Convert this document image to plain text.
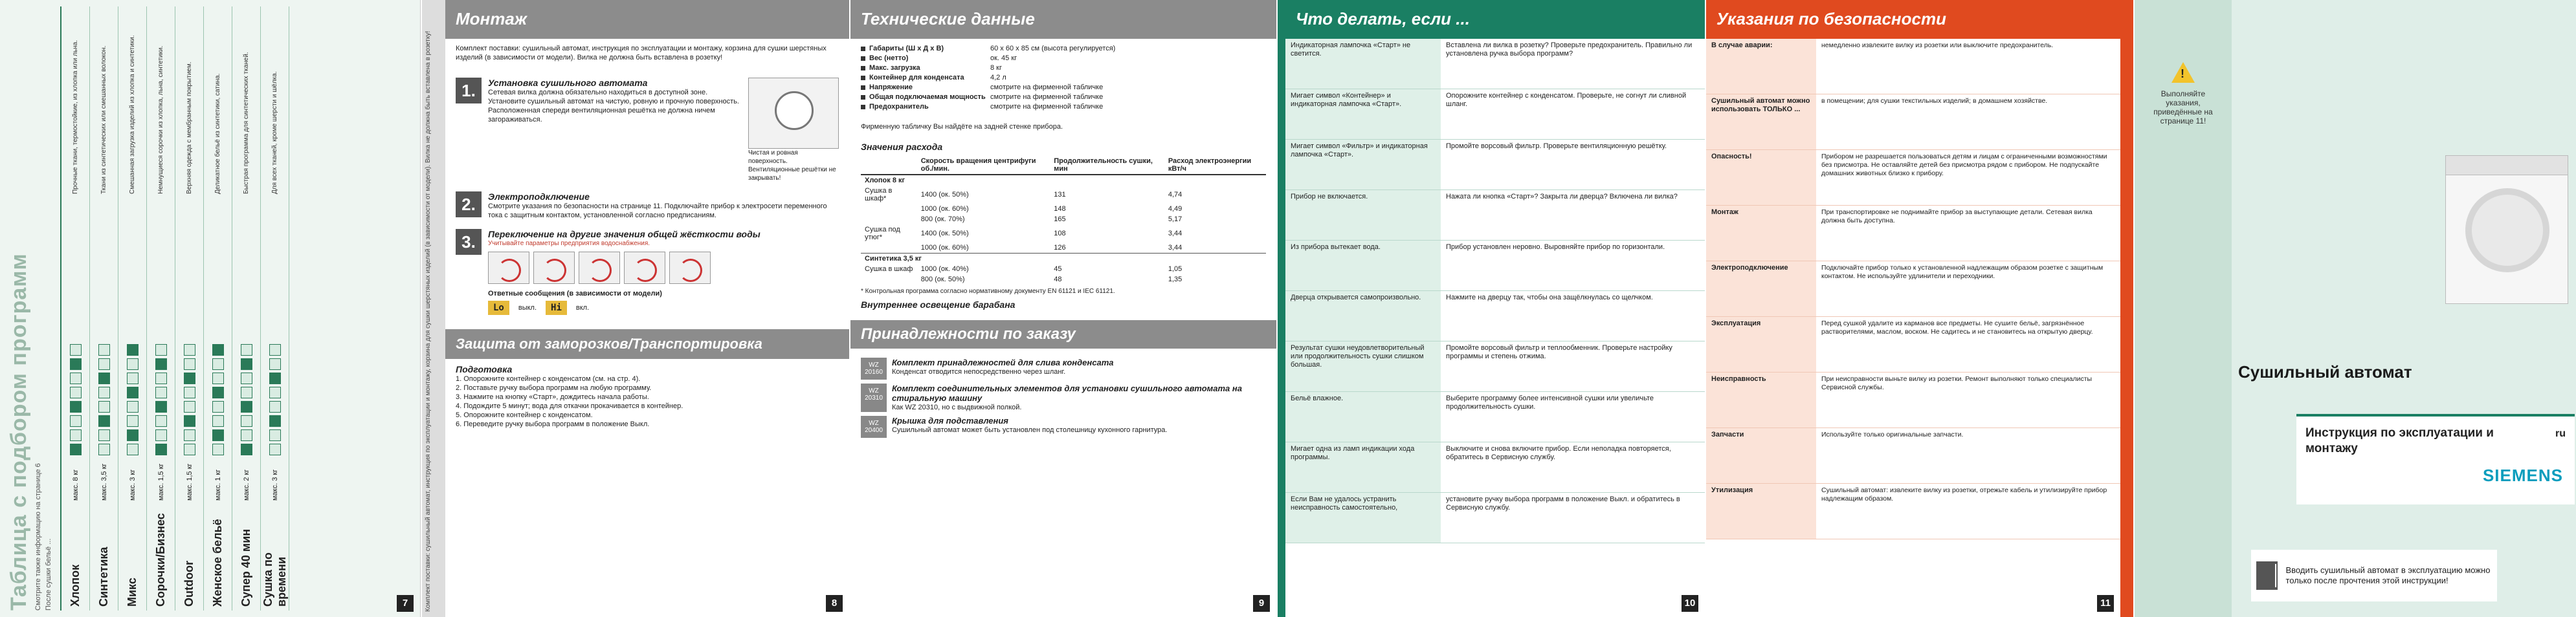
Таблица с подбором программ Смотрите также информацию на странице 6 После сушки бельё ... Хлопок
макс. 8 кг
Прочные ткани, термостойкие, из хлопка или льна.
Синтетика
макс. 3,5 кг
Ткани из синтетических или смешанных волокон.
Микс
макс. 3 кг
Смешанная загрузка изделий из хлопка и синтетики.
Сорочки/Бизнес
макс. 1,5 кг
Немнущиеся сорочки из хлопка, льна, синтетики.
Outdoor
макс. 1,5 кг
Верхняя одежда с мембранным покрытием.
Женское бельё
макс. 1 кг
Деликатное бельё из синтетики, сатина.
Супер 40 мин
макс. 2 кг
Быстрая программа для синтетических тканей.
Сушка по времени
макс. 3 кг
Для всех тканей, кроме шерсти и шёлка.
7	Комплект поставки: сушильный автомат, инструкция по эксплуатации и монтажу, корзина для сушки шерстяных изделий (в зависимости от модели). Вилка не должна быть вставлена в розетку!
Монтаж
Комплект поставки: сушильный автомат, инструкция по эксплуатации и монтажу, корзина для сушки шерстяных изделий (в зависимости от модели). Вилка не должна быть вставлена в розетку!
1.	Установка сушильного автомата
Сетевая вилка должна обязательно находиться в доступной зоне. Установите сушильный автомат на чистую, ровную и прочную поверхность. Расположенная спереди вентиляционная решётка не должна ничем загораживаться.
Чистая и ровная поверхность. Вентиляционные решётки не закрывать!
2.	Электроподключение
Смотрите указания по безопасности на странице 11. Подключайте прибор к электросети переменного тока с защитным контактом, установленной согласно предписаниям.
3.	Переключение на другие значения общей жёсткости воды
Учитывайте параметры предприятия водоснабжения.
Ответные сообщения (в зависимости от модели)
Lo	выкл.	Hi	вкл.
Защита от заморозков/Транспортировка
Подготовка
1. Опорожните контейнер с конденсатом (см. на стр. 4).
2. Поставьте ручку выбора программ на любую программу.
3. Нажмите на кнопку «Старт», дождитесь начала работы.
4. Подождите 5 минут; вода для откачки прокачивается в контейнер.
5. Опорожните контейнер с конденсатом.
6. Переведите ручку выбора программ в положение Выкл.
8
Технические данные
Габариты (Ш x Д x В)	60 x 60 x 85 см (высота регулируется)
Вес (нетто)	ок. 45 кг
Макс. загрузка	8 кг
Контейнер для конденсата	4,2 л
Напряжение	смотрите на фирменной табличке
Общая подключаемая мощность смотрите на фирменной табличке
Предохранитель	смотрите на фирменной табличке
Фирменную табличку Вы найдёте на задней стенке прибора.
Значения расхода
	Скорость вращения центрифуги об./мин.	Продолжительность сушки, мин	Расход электроэнергии кВт/ч
Хлопок 8 кг			
Сушка в шкаф*	1400 (ок. 50%)	131	4,74
	1000 (ок. 60%)	148	4,49
	800 (ок. 70%)	165	5,17
Сушка под утюг*	1400 (ок. 50%)	108	3,44
	1000 (ок. 60%)	126	3,44
Синтетика 3,5 кг			
Сушка в шкаф	1000 (ок. 40%)	45	1,05
	800 (ок. 50%)	48	1,35
* Контрольная программа согласно нормативному документу EN 61121 и IEC 61121.
Внутреннее освещение барабана
Принадлежности по заказу
WZ 20160
Комплект принадлежностей для слива конденсата
Конденсат отводится непосредственно через шланг.
WZ 20310
Комплект соединительных элементов для установки сушильного автомата на стиральную машину
Как WZ 20310, но с выдвижной полкой.
WZ 20400
Крышка для подставления
Сушильный автомат может быть установлен под столешницу кухонного гарнитура.
9
Что делать, если ...
Индикаторная лампочка «Старт» не светится.
Вставлена ли вилка в розетку? Проверьте предохранитель. Правильно ли установлена ручка выбора программ?
Мигает символ «Контейнер» и индикаторная лампочка «Старт».
Опорожните контейнер с конденсатом. Проверьте, не согнут ли сливной шланг.
Мигает символ «Фильтр» и индикаторная лампочка «Старт».
Промойте ворсовый фильтр. Проверьте вентиляционную решётку.
Прибор не включается.	Нажата ли кнопка «Старт»? Закрыта ли дверца? Включена ли вилка?
Из прибора вытекает вода.	Прибор установлен неровно. Выровняйте прибор по горизонтали.
Дверца открывается самопроизвольно.	Нажмите на дверцу так, чтобы она защёлкнулась со щелчком.
Результат сушки неудовлетворительный или продолжительность сушки слишком большая.
Промойте ворсовый фильтр и теплообменник. Проверьте настройку программы и степень отжима.
Бельё влажное.	Выберите программу более интенсивной сушки или увеличьте продолжительность сушки.
Мигает одна из ламп индикации хода программы.
Выключите и снова включите прибор. Если неполадка повторяется, обратитесь в Сервисную службу.
Если Вам не удалось устранить неисправность самостоятельно,
установите ручку выбора программ в положение Выкл. и обратитесь в Сервисную службу.
10
Указания по безопасности
В случае аварии:	немедленно извлеките вилку из розетки или выключите предохранитель.
Сушильный автомат можно использовать ТОЛЬКО ...
в помещении; для сушки текстильных изделий; в домашнем хозяйстве.
Опасность!	Прибором не разрешается пользоваться детям и лицам с ограниченными возможностями без присмотра. Не оставляйте детей без присмотра рядом с прибором. Не подпускайте домашних животных близко к прибору.
Монтаж	При транспортировке не поднимайте прибор за выступающие детали. Сетевая вилка должна быть доступна.
Электроподключение	Подключайте прибор только к установленной надлежащим образом розетке с защитным контактом. Не используйте удлинители и переходники.
Эксплуатация	Перед сушкой удалите из карманов все предметы. Не сушите бельё, загрязнённое растворителями, маслом, воском. Не садитесь и не становитесь на открытую дверцу.
Неисправность	При неисправности выньте вилку из розетки. Ремонт выполняют только специалисты Сервисной службы.
Запчасти	Используйте только оригинальные запчасти.
Утилизация	Сушильный автомат: извлеките вилку из розетки, отрежьте кабель и утилизируйте прибор надлежащим образом.
11
!
Выполняйте указания, приведённые на странице 11!
Сушильный автомат
Инструкция по эксплуатации и монтажу
ru
SIEMENS
Вводить сушильный автомат в эксплуатацию можно только после прочтения этой инструкции!
